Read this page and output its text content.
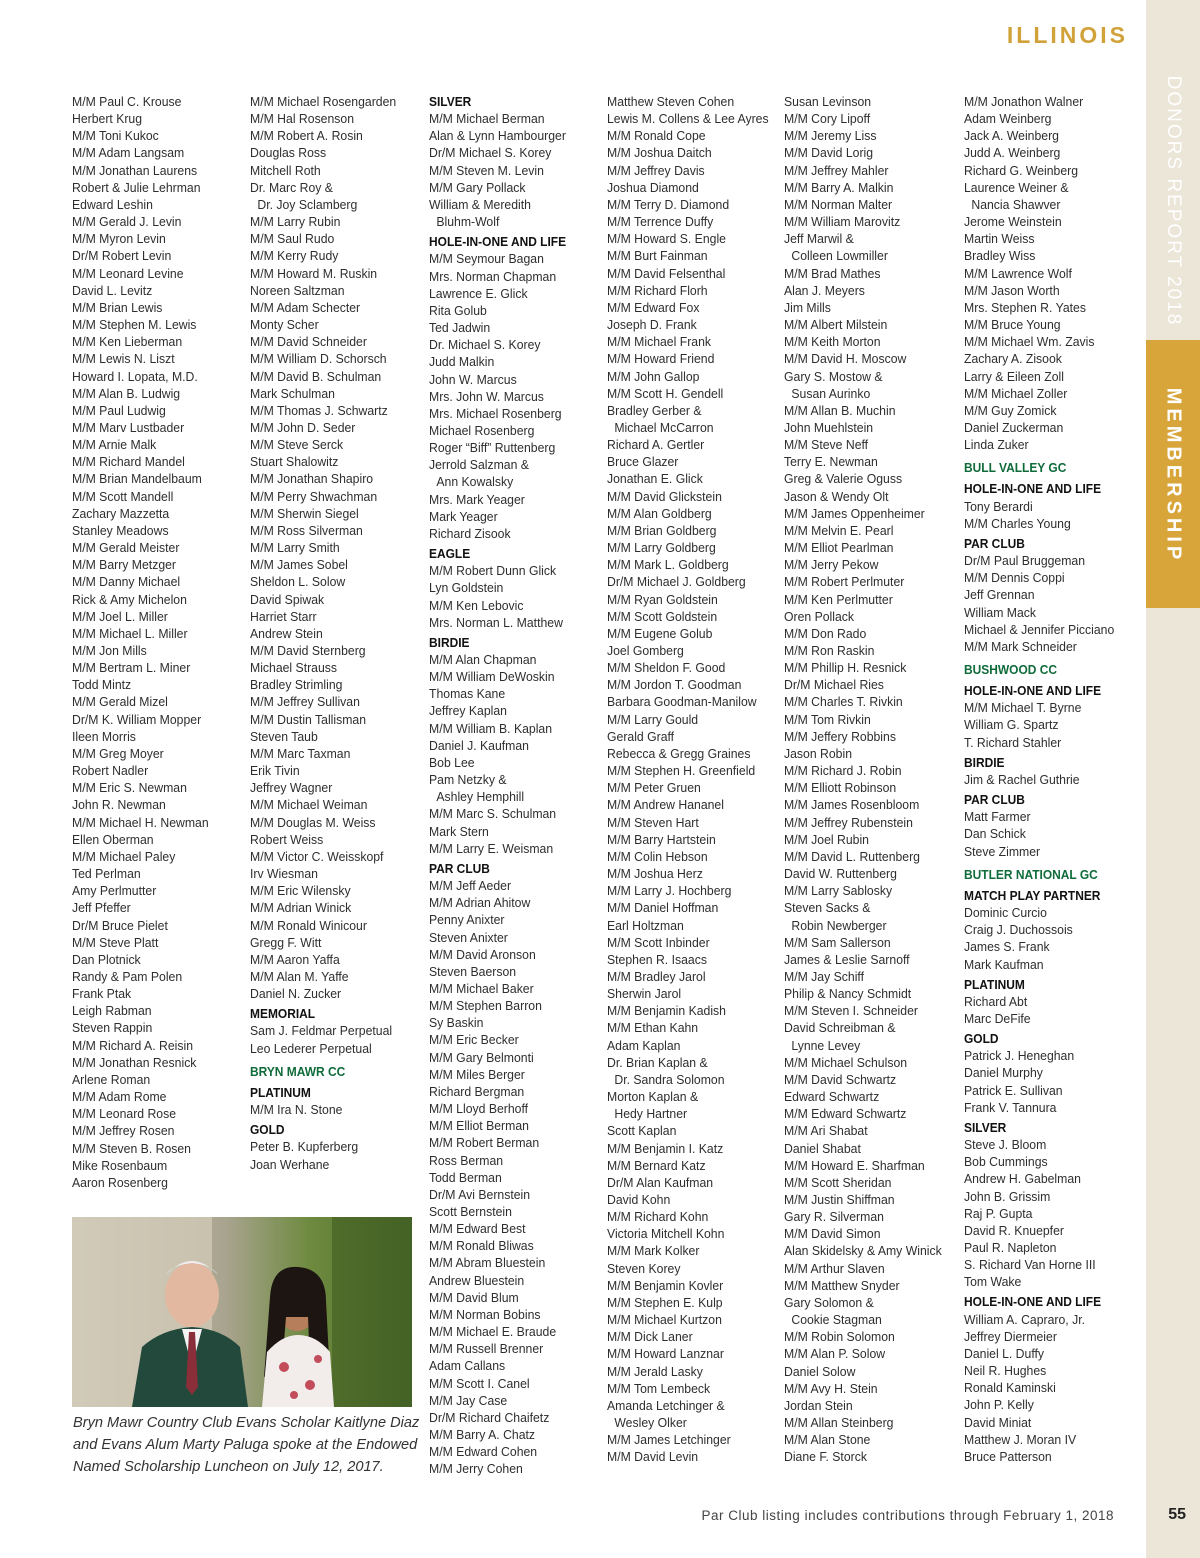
ILLINOIS
DONORS REPORT 2018
MEMBERSHIP
M/M Paul C. Krouse
Herbert Krug
M/M Toni Kukoc
M/M Adam Langsam
M/M Jonathan Laurens
Robert & Julie Lehrman
Edward Leshin
M/M Gerald J. Levin
M/M Myron Levin
Dr/M Robert Levin
M/M Leonard Levine
David L. Levitz
M/M Brian Lewis
M/M Stephen M. Lewis
M/M Ken Lieberman
M/M Lewis N. Liszt
Howard I. Lopata, M.D.
M/M Alan B. Ludwig
M/M Paul Ludwig
M/M Marv Lustbader
M/M Arnie Malk
M/M Richard Mandel
M/M Brian Mandelbaum
M/M Scott Mandell
Zachary Mazzetta
Stanley Meadows
M/M Gerald Meister
M/M Barry Metzger
M/M Danny Michael
Rick & Amy Michelon
M/M Joel L. Miller
M/M Michael L. Miller
M/M Jon Mills
M/M Bertram L. Miner
Todd Mintz
M/M Gerald Mizel
Dr/M K. William Mopper
Ileen Morris
M/M Greg Moyer
Robert Nadler
M/M Eric S. Newman
John R. Newman
M/M Michael H. Newman
Ellen Oberman
M/M Michael Paley
Ted Perlman
Amy Perlmutter
Jeff Pfeffer
Dr/M Bruce Pielet
M/M Steve Platt
Dan Plotnick
Randy & Pam Polen
Frank Ptak
Leigh Rabman
Steven Rappin
M/M Richard A. Reisin
M/M Jonathan Resnick
Arlene Roman
M/M Adam Rome
M/M Leonard Rose
M/M Jeffrey Rosen
M/M Steven B. Rosen
Mike Rosenbaum
Aaron Rosenberg
M/M Michael Rosengarden
M/M Hal Rosenson
M/M Robert A. Rosin
Douglas Ross
Mitchell Roth
Dr. Marc Roy &
Dr. Joy Sclamberg
M/M Larry Rubin
M/M Saul Rudo
M/M Kerry Rudy
M/M Howard M. Ruskin
Noreen Saltzman
M/M Adam Schecter
Monty Scher
M/M David Schneider
M/M William D. Schorsch
M/M David B. Schulman
Mark Schulman
M/M Thomas J. Schwartz
M/M John D. Seder
M/M Steve Serck
Stuart Shalowitz
M/M Jonathan Shapiro
M/M Perry Shwachman
M/M Sherwin Siegel
M/M Ross Silverman
M/M Larry Smith
M/M James Sobel
Sheldon L. Solow
David Spiwak
Harriet Starr
Andrew Stein
M/M David Sternberg
Michael Strauss
Bradley Strimling
M/M Jeffrey Sullivan
M/M Dustin Tallisman
Steven Taub
M/M Marc Taxman
Erik Tivin
Jeffrey Wagner
M/M Michael Weiman
M/M Douglas M. Weiss
Robert Weiss
M/M Victor C. Weisskopf
Irv Wiesman
M/M Eric Wilensky
M/M Adrian Winick
M/M Ronald Winicour
Gregg F. Witt
M/M Aaron Yaffa
M/M Alan M. Yaffe
Daniel N. Zucker
MEMORIAL
Sam J. Feldmar Perpetual
Leo Lederer Perpetual
BRYN MAWR CC
PLATINUM
M/M Ira N. Stone
GOLD
Peter B. Kupferberg
Joan Werhane
SILVER
M/M Michael Berman
Alan & Lynn Hambourger
Dr/M Michael S. Korey
M/M Steven M. Levin
M/M Gary Pollack
William & Meredith
Bluhm-Wolf
HOLE-IN-ONE AND LIFE
M/M Seymour Bagan
Mrs. Norman Chapman
Lawrence E. Glick
Rita Golub
Ted Jadwin
Dr. Michael S. Korey
Judd Malkin
John W. Marcus
Mrs. John W. Marcus
Mrs. Michael Rosenberg
Michael Rosenberg
Roger “Biff” Ruttenberg
Jerrold Salzman &
Ann Kowalsky
Mrs. Mark Yeager
Mark Yeager
Richard Zisook
EAGLE
M/M Robert Dunn Glick
Lyn Goldstein
M/M Ken Lebovic
Mrs. Norman L. Matthew
BIRDIE
M/M Alan Chapman
M/M William DeWoskin
Thomas Kane
Jeffrey Kaplan
M/M William B. Kaplan
Daniel J. Kaufman
Bob Lee
Pam Netzky &
Ashley Hemphill
M/M Marc S. Schulman
Mark Stern
M/M Larry E. Weisman
PAR CLUB
M/M Jeff Aeder
M/M Adrian Ahitow
Penny Anixter
Steven Anixter
M/M David Aronson
Steven Baerson
M/M Michael Baker
M/M Stephen Barron
Sy Baskin
M/M Eric Becker
M/M Gary Belmonti
M/M Miles Berger
Richard Bergman
M/M Lloyd Berhoff
M/M Elliot Berman
M/M Robert Berman
Ross Berman
Todd Berman
Dr/M Avi Bernstein
Scott Bernstein
M/M Edward Best
M/M Ronald Bliwas
M/M Abram Bluestein
Andrew Bluestein
M/M David Blum
M/M Norman Bobins
M/M Michael E. Braude
M/M Russell Brenner
Adam Callans
M/M Scott I. Canel
M/M Jay Case
Dr/M Richard Chaifetz
M/M Barry A. Chatz
M/M Edward Cohen
M/M Jerry Cohen
Matthew Steven Cohen
Lewis M. Collens & Lee Ayres
M/M Ronald Cope
M/M Joshua Daitch
M/M Jeffrey Davis
Joshua Diamond
M/M Terry D. Diamond
M/M Terrence Duffy
M/M Howard S. Engle
M/M Burt Fainman
M/M David Felsenthal
M/M Richard Florh
M/M Edward Fox
Joseph D. Frank
M/M Michael Frank
M/M Howard Friend
M/M John Gallop
M/M Scott H. Gendell
Bradley Gerber &
Michael McCarron
Richard A. Gertler
Bruce Glazer
Jonathan E. Glick
M/M David Glickstein
M/M Alan Goldberg
M/M Brian Goldberg
M/M Larry Goldberg
M/M Mark L. Goldberg
Dr/M Michael J. Goldberg
M/M Ryan Goldstein
M/M Scott Goldstein
M/M Eugene Golub
Joel Gomberg
M/M Sheldon F. Good
M/M Jordon T. Goodman
Barbara Goodman-Manilow
M/M Larry Gould
Gerald Graff
Rebecca & Gregg Graines
M/M Stephen H. Greenfield
M/M Peter Gruen
M/M Andrew Hananel
M/M Steven Hart
M/M Barry Hartstein
M/M Colin Hebson
M/M Joshua Herz
M/M Larry J. Hochberg
M/M Daniel Hoffman
Earl Holtzman
M/M Scott Inbinder
Stephen R. Isaacs
M/M Bradley Jarol
Sherwin Jarol
M/M Benjamin Kadish
M/M Ethan Kahn
Adam Kaplan
Dr. Brian Kaplan &
Dr. Sandra Solomon
Morton Kaplan &
Hedy Hartner
Scott Kaplan
M/M Benjamin I. Katz
M/M Bernard Katz
Dr/M Alan Kaufman
David Kohn
M/M Richard Kohn
Victoria Mitchell Kohn
M/M Mark Kolker
Steven Korey
M/M Benjamin Kovler
M/M Stephen E. Kulp
M/M Michael Kurtzon
M/M Dick Laner
M/M Howard Lanznar
M/M Jerald Lasky
M/M Tom Lembeck
Amanda Letchinger &
Wesley Olker
M/M James Letchinger
M/M David Levin
Susan Levinson
M/M Cory Lipoff
M/M Jeremy Liss
M/M David Lorig
M/M Jeffrey Mahler
M/M Barry A. Malkin
M/M Norman Malter
M/M William Marovitz
Jeff Marwil &
Colleen Lowmiller
M/M Brad Mathes
Alan J. Meyers
Jim Mills
M/M Albert Milstein
M/M Keith Morton
M/M David H. Moscow
Gary S. Mostow &
Susan Aurinko
M/M Allan B. Muchin
John Muehlstein
M/M Steve Neff
Terry E. Newman
Greg & Valerie Oguss
Jason & Wendy Olt
M/M James Oppenheimer
M/M Melvin E. Pearl
M/M Elliot Pearlman
M/M Jerry Pekow
M/M Robert Perlmuter
M/M Ken Perlmutter
Oren Pollack
M/M Don Rado
M/M Ron Raskin
M/M Phillip H. Resnick
Dr/M Michael Ries
M/M Charles T. Rivkin
M/M Tom Rivkin
M/M Jeffery Robbins
Jason Robin
M/M Richard J. Robin
M/M Elliott Robinson
M/M James Rosenbloom
M/M Jeffrey Rubenstein
M/M Joel Rubin
M/M David L. Ruttenberg
David W. Ruttenberg
M/M Larry Sablosky
Steven Sacks &
Robin Newberger
M/M Sam Sallerson
James & Leslie Sarnoff
M/M Jay Schiff
Philip & Nancy Schmidt
M/M Steven I. Schneider
David Schreibman &
Lynne Levey
M/M Michael Schulson
M/M David Schwartz
Edward Schwartz
M/M Edward Schwartz
M/M Ari Shabat
Daniel Shabat
M/M Howard E. Sharfman
M/M Scott Sheridan
M/M Justin Shiffman
Gary R. Silverman
M/M David Simon
Alan Skidelsky & Amy Winick
M/M Arthur Slaven
M/M Matthew Snyder
Gary Solomon &
Cookie Stagman
M/M Robin Solomon
M/M Alan P. Solow
Daniel Solow
M/M Avy H. Stein
Jordan Stein
M/M Allan Steinberg
M/M Alan Stone
Diane F. Storck
M/M Jonathon Walner
Adam Weinberg
Jack A. Weinberg
Judd A. Weinberg
Richard G. Weinberg
Laurence Weiner &
Nancia Shawver
Jerome Weinstein
Martin Weiss
Bradley Wiss
M/M Lawrence Wolf
M/M Jason Worth
Mrs. Stephen R. Yates
M/M Bruce Young
M/M Michael Wm. Zavis
Zachary A. Zisook
Larry & Eileen Zoll
M/M Michael Zoller
M/M Guy Zomick
Daniel Zuckerman
Linda Zuker
BULL VALLEY GC
HOLE-IN-ONE AND LIFE
Tony Berardi
M/M Charles Young
PAR CLUB
Dr/M Paul Bruggeman
M/M Dennis Coppi
Jeff Grennan
William Mack
Michael & Jennifer Picciano
M/M Mark Schneider
BUSHWOOD CC
HOLE-IN-ONE AND LIFE
M/M Michael T. Byrne
William G. Spartz
T. Richard Stahler
BIRDIE
Jim & Rachel Guthrie
PAR CLUB
Matt Farmer
Dan Schick
Steve Zimmer
BUTLER NATIONAL GC
MATCH PLAY PARTNER
Dominic Curcio
Craig J. Duchossois
James S. Frank
Mark Kaufman
PLATINUM
Richard Abt
Marc DeFife
GOLD
Patrick J. Heneghan
Daniel Murphy
Patrick E. Sullivan
Frank V. Tannura
SILVER
Steve J. Bloom
Bob Cummings
Andrew H. Gabelman
John B. Grissim
Raj P. Gupta
David R. Knuepfer
Paul R. Napleton
S. Richard Van Horne III
Tom Wake
HOLE-IN-ONE AND LIFE
William A. Capraro, Jr.
Jeffrey Diermeier
Daniel L. Duffy
Neil R. Hughes
Ronald Kaminski
John P. Kelly
David Miniat
Matthew J. Moran IV
Bruce Patterson
Bryn Mawr Country Club Evans Scholar Kaitlyne Diaz and Evans Alum Marty Paluga spoke at the Endowed Named Scholarship Luncheon on July 12, 2017.
Par Club listing includes contributions through February 1, 2018	55
